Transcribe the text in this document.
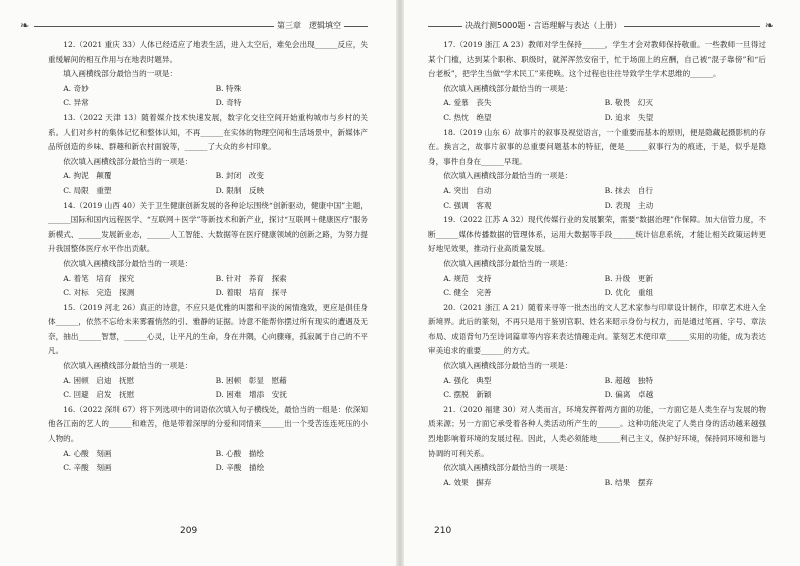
❧	第三章　逻辑填空

12.（2021 重庆 33）人体已经适应了地表生活，进入太空后，难免会出现______反应，失重缓解间的相互作用与在地表时题异。

填入画横线部分最恰当的一项是：
A. 奇妙	B. 特殊
C. 异常	D. 奇特

13.（2022 天津 13）随着媒介技术快速发展，数字化交往空间开始重构城市与乡村的关系。人们对乡村的集体记忆和整体认知，不再______在实体的物理空间和生活场景中，新媒体产品所创造的乡味、群趣和新农村面貌等，______了大众的乡村印象。

依次填入画横线部分最恰当的一项是：
A. 拘泥　颠覆	B. 封闭　改变
C. 局限　重塑	D. 限制　反映

14.（2019 山西 40）关于卫生健康创新发展的各种论坛围绕“创新驱动，健康中国”主题，______国际和国内远程医学、“互联网＋医学”等新技术和新产业，探讨“互联网＋健康医疗”服务新模式、______发展新业态，______人工智能、大数据等在医疗健康领域的创新之路，为努力提升我国整体医疗水平作出贡献。

依次填入画横线部分最恰当的一项是：
A. 着笔　培育　探究	B. 针对　养育　探索
C. 对标　完造　探测	D. 着眼　培育　探寻

15.（2019 河北 26）真正的诗意，不应只是优雅的叫嚣和平淡的闲情逸致，更应是俱佳身体______，依然不忘给未来雾霾悄然的引、雅静的证据。诗意不能帮你摆过所有现实的遭遇及无奈，抽出______智慧，______心灵，让平凡的生命，身在井隅，心向骤雍，孤寂属于自己的不平凡。

依次填入画横线部分最恰当的一项是：
A. 困顿　启迪　抚慰	B. 困顿　彰显　慰藉
C. 回避　启发　抚慰	D. 困难　增添　安抚

16.（2022 深圳 67）将下列选项中的词语依次填入句子横线处，最恰当的一组是：依深知他各江南的艺人的______和难苦，他是带着深厚的分爱和同情来______出一个受苦连连死压的小人物的。

A. 心酸　刻画	B. 心酸　描绘
C. 辛酸　刻画	D. 辛酸　描绘
209
决战行测5000题・言语理解与表达（上册）	❧

17.（2019 浙江 A 23）教师对学生保持______，学生才会对教师保持敬重。一些教师一旦得过某个门槛，达到某个职称、职级时，就浑浑然安宿于，忙于场面上的应酬，自己被“混子靠傍”和“后台老板”，把学生当做“学术民工”来使唤。这个过程也往往导致学生学术思维的______。

依次填入画横线部分最恰当的一项是：
A. 爱慕　丧失	B. 敬畏　幻灭
C. 热忱　绝望	D. 追求　失望

18.（2019 山东 6）故事片的叙事及视觉语言，一个重要而基本的原则，便是隐藏起摄影机的存在。换言之，故事片叙事的总重要问题基本的特征，便是______叙事行为的痕迹，于是，似乎是隐身，事件自身在______早现。

依次填入画横线部分最恰当的一项是：
A. 突出　自动	B. 抹去　自行
C. 强调　客观	D. 表现　主动

19.（2022 江苏 A 32）现代传媒行业的发展繁荣，需要“数据治理”作保障。加大信管力度，不断______媒体传播数据的管理体系，运用大数据等手段______统计信息系统，才能让相关政策运转更好地见效果，推动行业高质量发展。

依次填入画横线部分最恰当的一项是：
A. 规范　支持	B. 升级　更新
C. 健全　完善	D. 优化　重组

20.（2021 浙江 A 21）随着来寻等一批杰出的文人艺术家参与印章设计制作，印章艺术进入全新境界。此后的篆刻，不再只是用于鉴别官职、姓名来昭示身份与权力，而是通过笔画、字号、章法布局、成语背句乃至诗词篇章等内容来表达情趣走向。篆刻艺术使印章______实用的功能，成为表达审美追求的重要______的方式。

依次填入画横线部分最恰当的一项是：
A. 强化　典型	B. 超越　独特
C. 摆脱　新颖	D. 偏离　卓越

21.（2020 福建 30）对人类而言，环境发挥着两方面的功能，一方面它是人类生存与发展的物质来源；另一方面它承受着各种人类活动所产生的______。这种功能决定了人类自身的活动越来越强烈地影响着环境的发展过程。因此，人类必须能地______利己主义，保护好环境，保持同环境和谐与协调的可利关系。

依次填入画横线部分最恰当的一项是：
A. 效果　摒弃	B. 结果　摆弃
210
